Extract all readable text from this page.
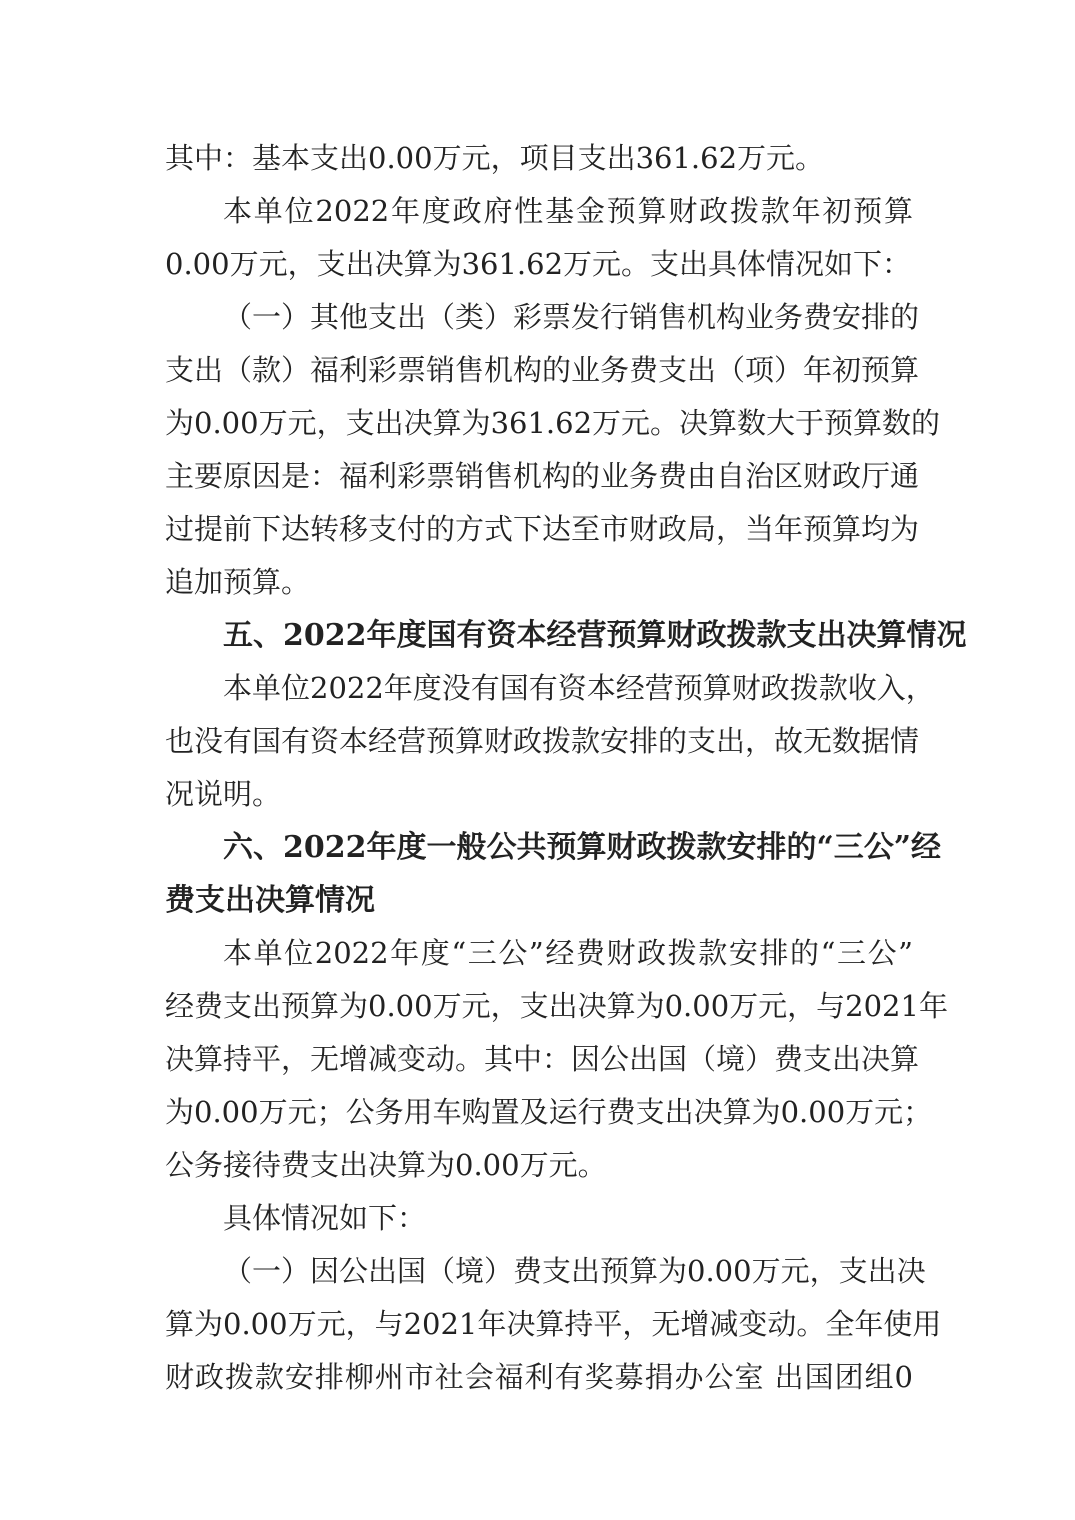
其中：基本支出0.00万元，项目支出361.62万元。
本单位2022年度政府性基金预算财政拨款年初预算
0.00万元，支出决算为361.62万元。支出具体情况如下：
（一）其他支出（类）彩票发行销售机构业务费安排的
支出（款）福利彩票销售机构的业务费支出（项）年初预算
为0.00万元，支出决算为361.62万元。决算数大于预算数的
主要原因是：福利彩票销售机构的业务费由自治区财政厅通
过提前下达转移支付的方式下达至市财政局，当年预算均为
追加预算。
五、2022年度国有资本经营预算财政拨款支出决算情况
本单位2022年度没有国有资本经营预算财政拨款收入，
也没有国有资本经营预算财政拨款安排的支出，故无数据情
况说明。
六、2022年度一般公共预算财政拨款安排的“三公”经
费支出决算情况
本单位2022年度“三公”经费财政拨款安排的“三公”
经费支出预算为0.00万元，支出决算为0.00万元，与2021年
决算持平，无增减变动。其中：因公出国（境）费支出决算
为0.00万元；公务用车购置及运行费支出决算为0.00万元；
公务接待费支出决算为0.00万元。
具体情况如下：
（一）因公出国（境）费支出预算为0.00万元，支出决
算为0.00万元，与2021年决算持平，无增减变动。全年使用
财政拨款安排柳州市社会福利有奖募捐办公室 出国团组0
